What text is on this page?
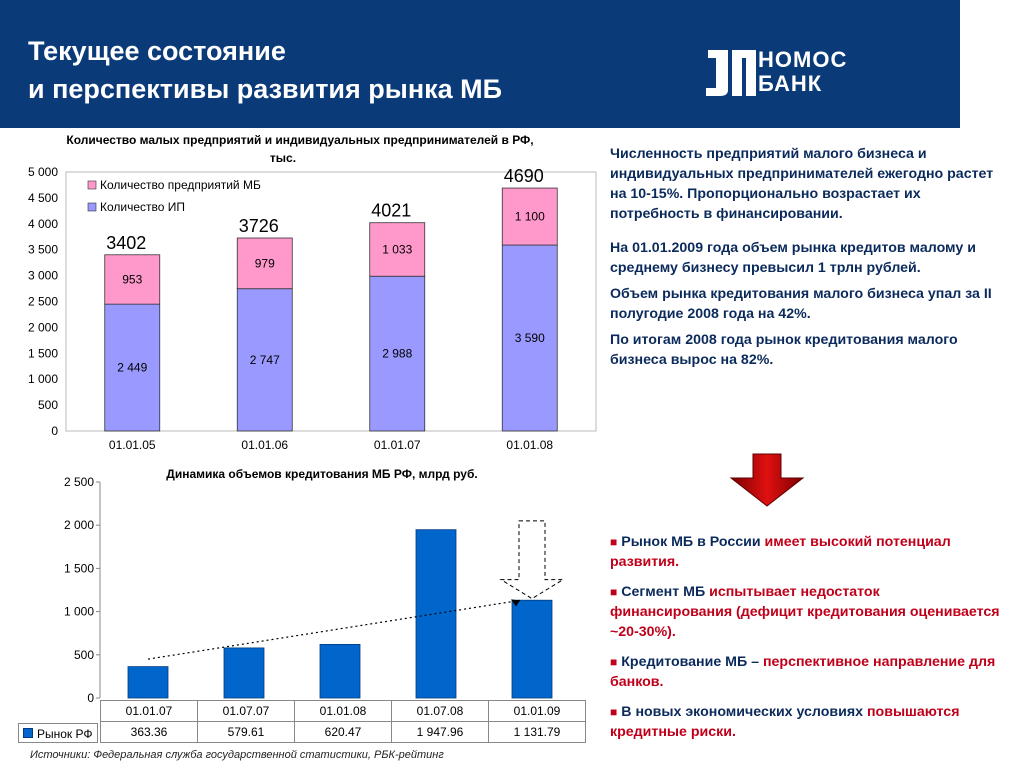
Текущее состояние
и перспективы развития рынка МБ
НОМОС
БАНК
Количество малых предприятий и индивидуальных предпринимателей в РФ,
тыс.
0
500
1 000
1 500
2 000
2 500
3 000
3 500
4 000
4 500
5 000
2 449
953
3402
01.01.05
2 747
979
3726
01.01.06
2 988
1 033
4021
01.01.07
3 590
1 100
4690
01.01.08
Количество предприятий МБ
Количество ИП
Динамика объемов кредитования МБ РФ, млрд руб.
0
500
1 000
1 500
2 000
2 500
	01.01.07	01.07.07	01.01.08	01.07.08	01.01.09
	363.36	579.61	620.47	1 947.96	1 131.79
Источники: Федеральная служба государственной статистики, РБК-рейтинг

Численность предприятий малого бизнеса и индивидуальных предпринимателей ежегодно растет на 10-15%. Пропорционально возрастает их потребность в финансировании.

На 01.01.2009 года объем рынка кредитов малому и среднему бизнесу превысил 1 трлн рублей.

Объем рынка кредитования малого бизнеса упал за II полугодие 2008 года на 42%.

По итогам 2008 года рынок кредитования малого бизнеса вырос на 82%.

■ Рынок МБ в России имеет высокий потенциал развития.
■ Сегмент МБ испытывает недостаток финансирования (дефицит кредитования оценивается ~20-30%).
■ Кредитование МБ – перспективное направление для банков.
■ В новых экономических условиях повышаются кредитные риски.
Рынок РФ
